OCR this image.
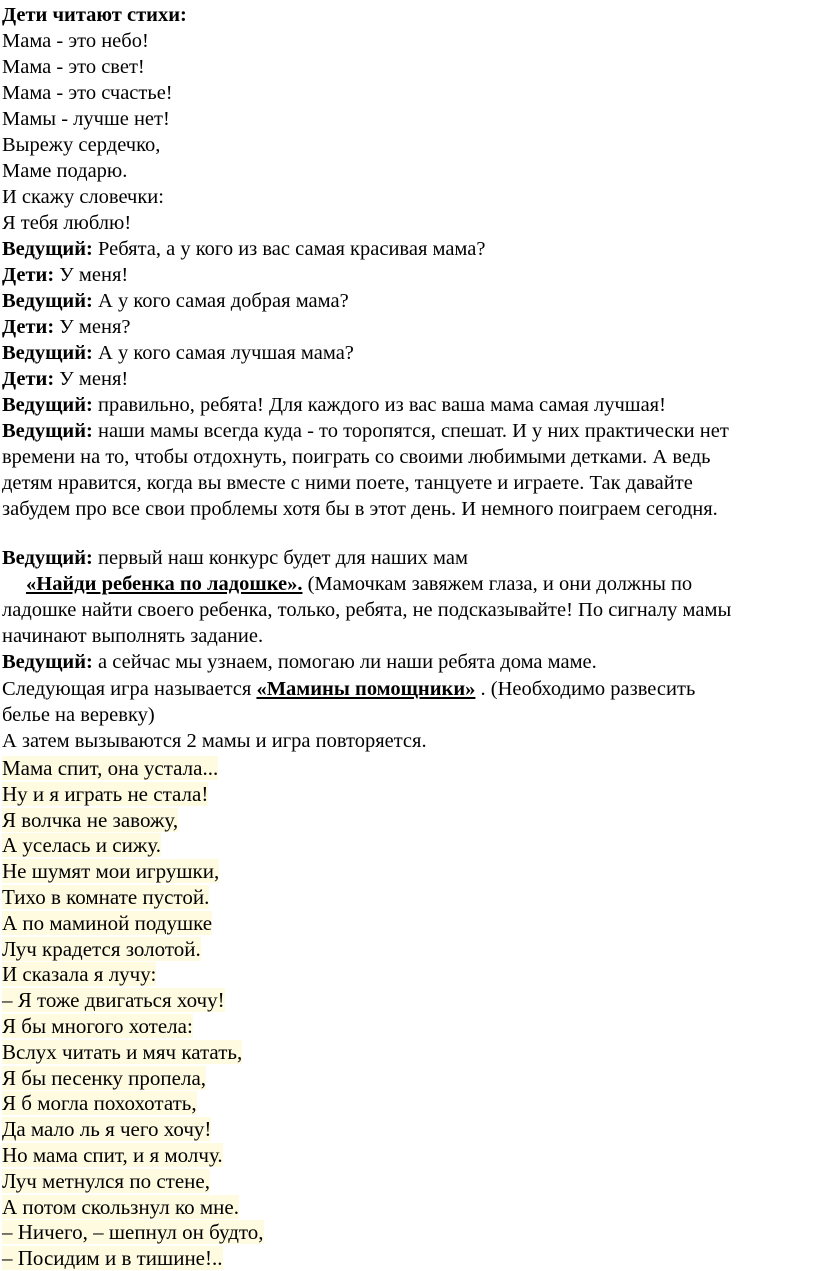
Дети читают стихи:
Мама - это небо!
Мама - это свет!
Мама - это счастье!
Мамы - лучше нет!
Вырежу сердечко,
Маме подарю.
И скажу словечки:
Я тебя люблю!
Ведущий: Ребята, а у кого из вас самая красивая мама?
Дети: У меня!
Ведущий: А у кого самая добрая мама?
Дети: У меня?
Ведущий: А у кого самая лучшая мама?
Дети: У меня!
Ведущий: правильно, ребята! Для каждого из вас ваша мама самая лучшая!
Ведущий: наши мамы всегда куда - то торопятся, спешат. И у них практически нет
времени на то, чтобы отдохнуть, поиграть со своими любимыми детками. А ведь
детям нравится, когда вы вместе с ними поете, танцуете и играете. Так давайте
забудем про все свои проблемы хотя бы в этот день. И немного поиграем сегодня.
Ведущий: первый наш конкурс будет для наших мам
«Найди ребенка по ладошке». (Мамочкам завяжем глаза, и они должны по
ладошке найти своего ребенка, только, ребята, не подсказывайте! По сигналу мамы
начинают выполнять задание.
Ведущий: а сейчас мы узнаем, помогаю ли наши ребята дома маме.
Следующая игра называется «Мамины помощники» . (Необходимо развесить
белье на веревку)
А затем вызываются 2 мамы и игра повторяется.
Мама спит, она устала...
Ну и я играть не стала!
Я волчка не завожу,
А уселась и сижу.
Не шумят мои игрушки,
Тихо в комнате пустой.
А по маминой подушке
Луч крадется золотой.
И сказала я лучу:
– Я тоже двигаться хочу!
Я бы многого хотела:
Вслух читать и мяч катать,
Я бы песенку пропела,
Я б могла похохотать,
Да мало ль я чего хочу!
Но мама спит, и я молчу.
Луч метнулся по стене,
А потом скользнул ко мне.
– Ничего, – шепнул он будто,
– Посидим и в тишине!..
